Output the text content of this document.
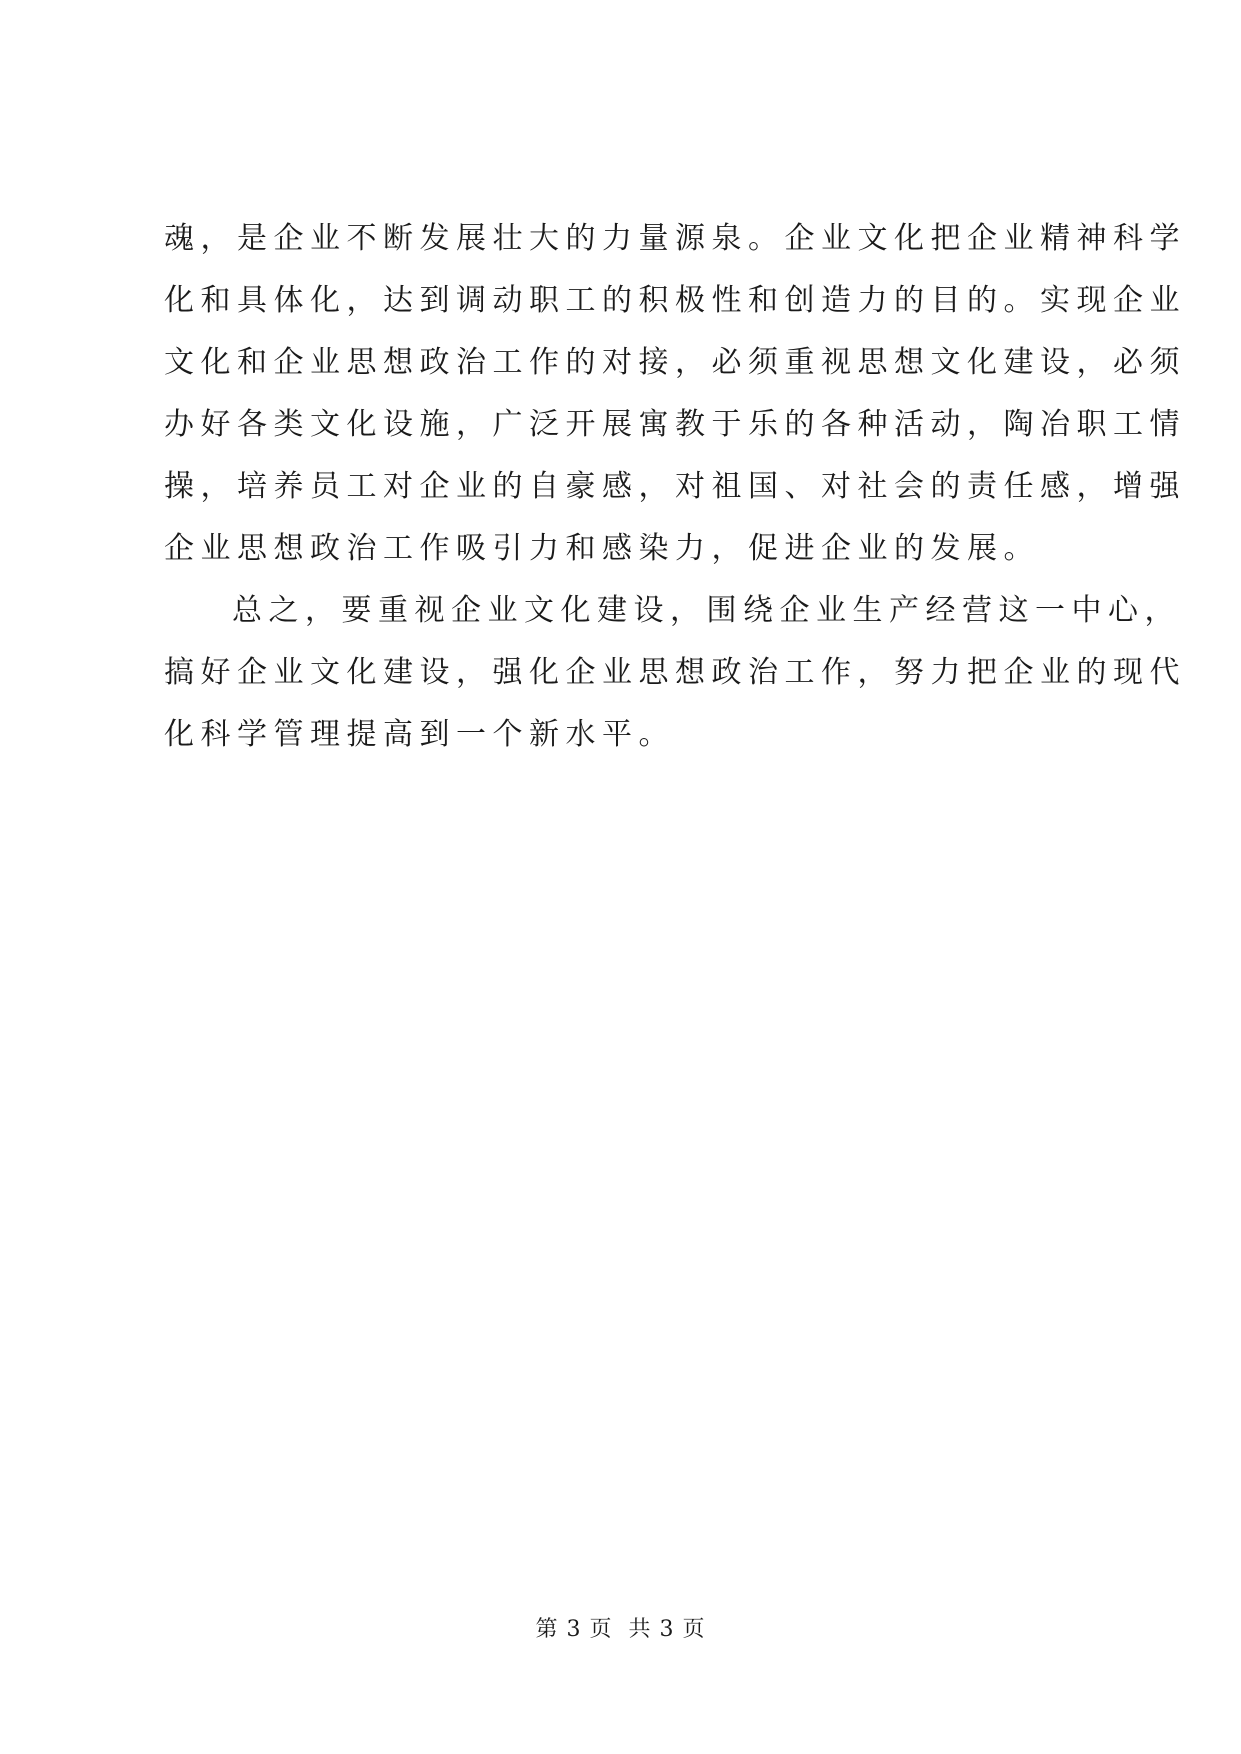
魂，是企业不断发展壮大的力量源泉。企业文化把企业精神科学
化和具体化，达到调动职工的积极性和创造力的目的。实现企业
文化和企业思想政治工作的对接，必须重视思想文化建设，必须
办好各类文化设施，广泛开展寓教于乐的各种活动，陶冶职工情
操，培养员工对企业的自豪感，对祖国、对社会的责任感，增强
企业思想政治工作吸引力和感染力，促进企业的发展。
总之，要重视企业文化建设，围绕企业生产经营这一中心，
搞好企业文化建设，强化企业思想政治工作，努力把企业的现代
化科学管理提高到一个新水平。
第 3 页 共 3 页
